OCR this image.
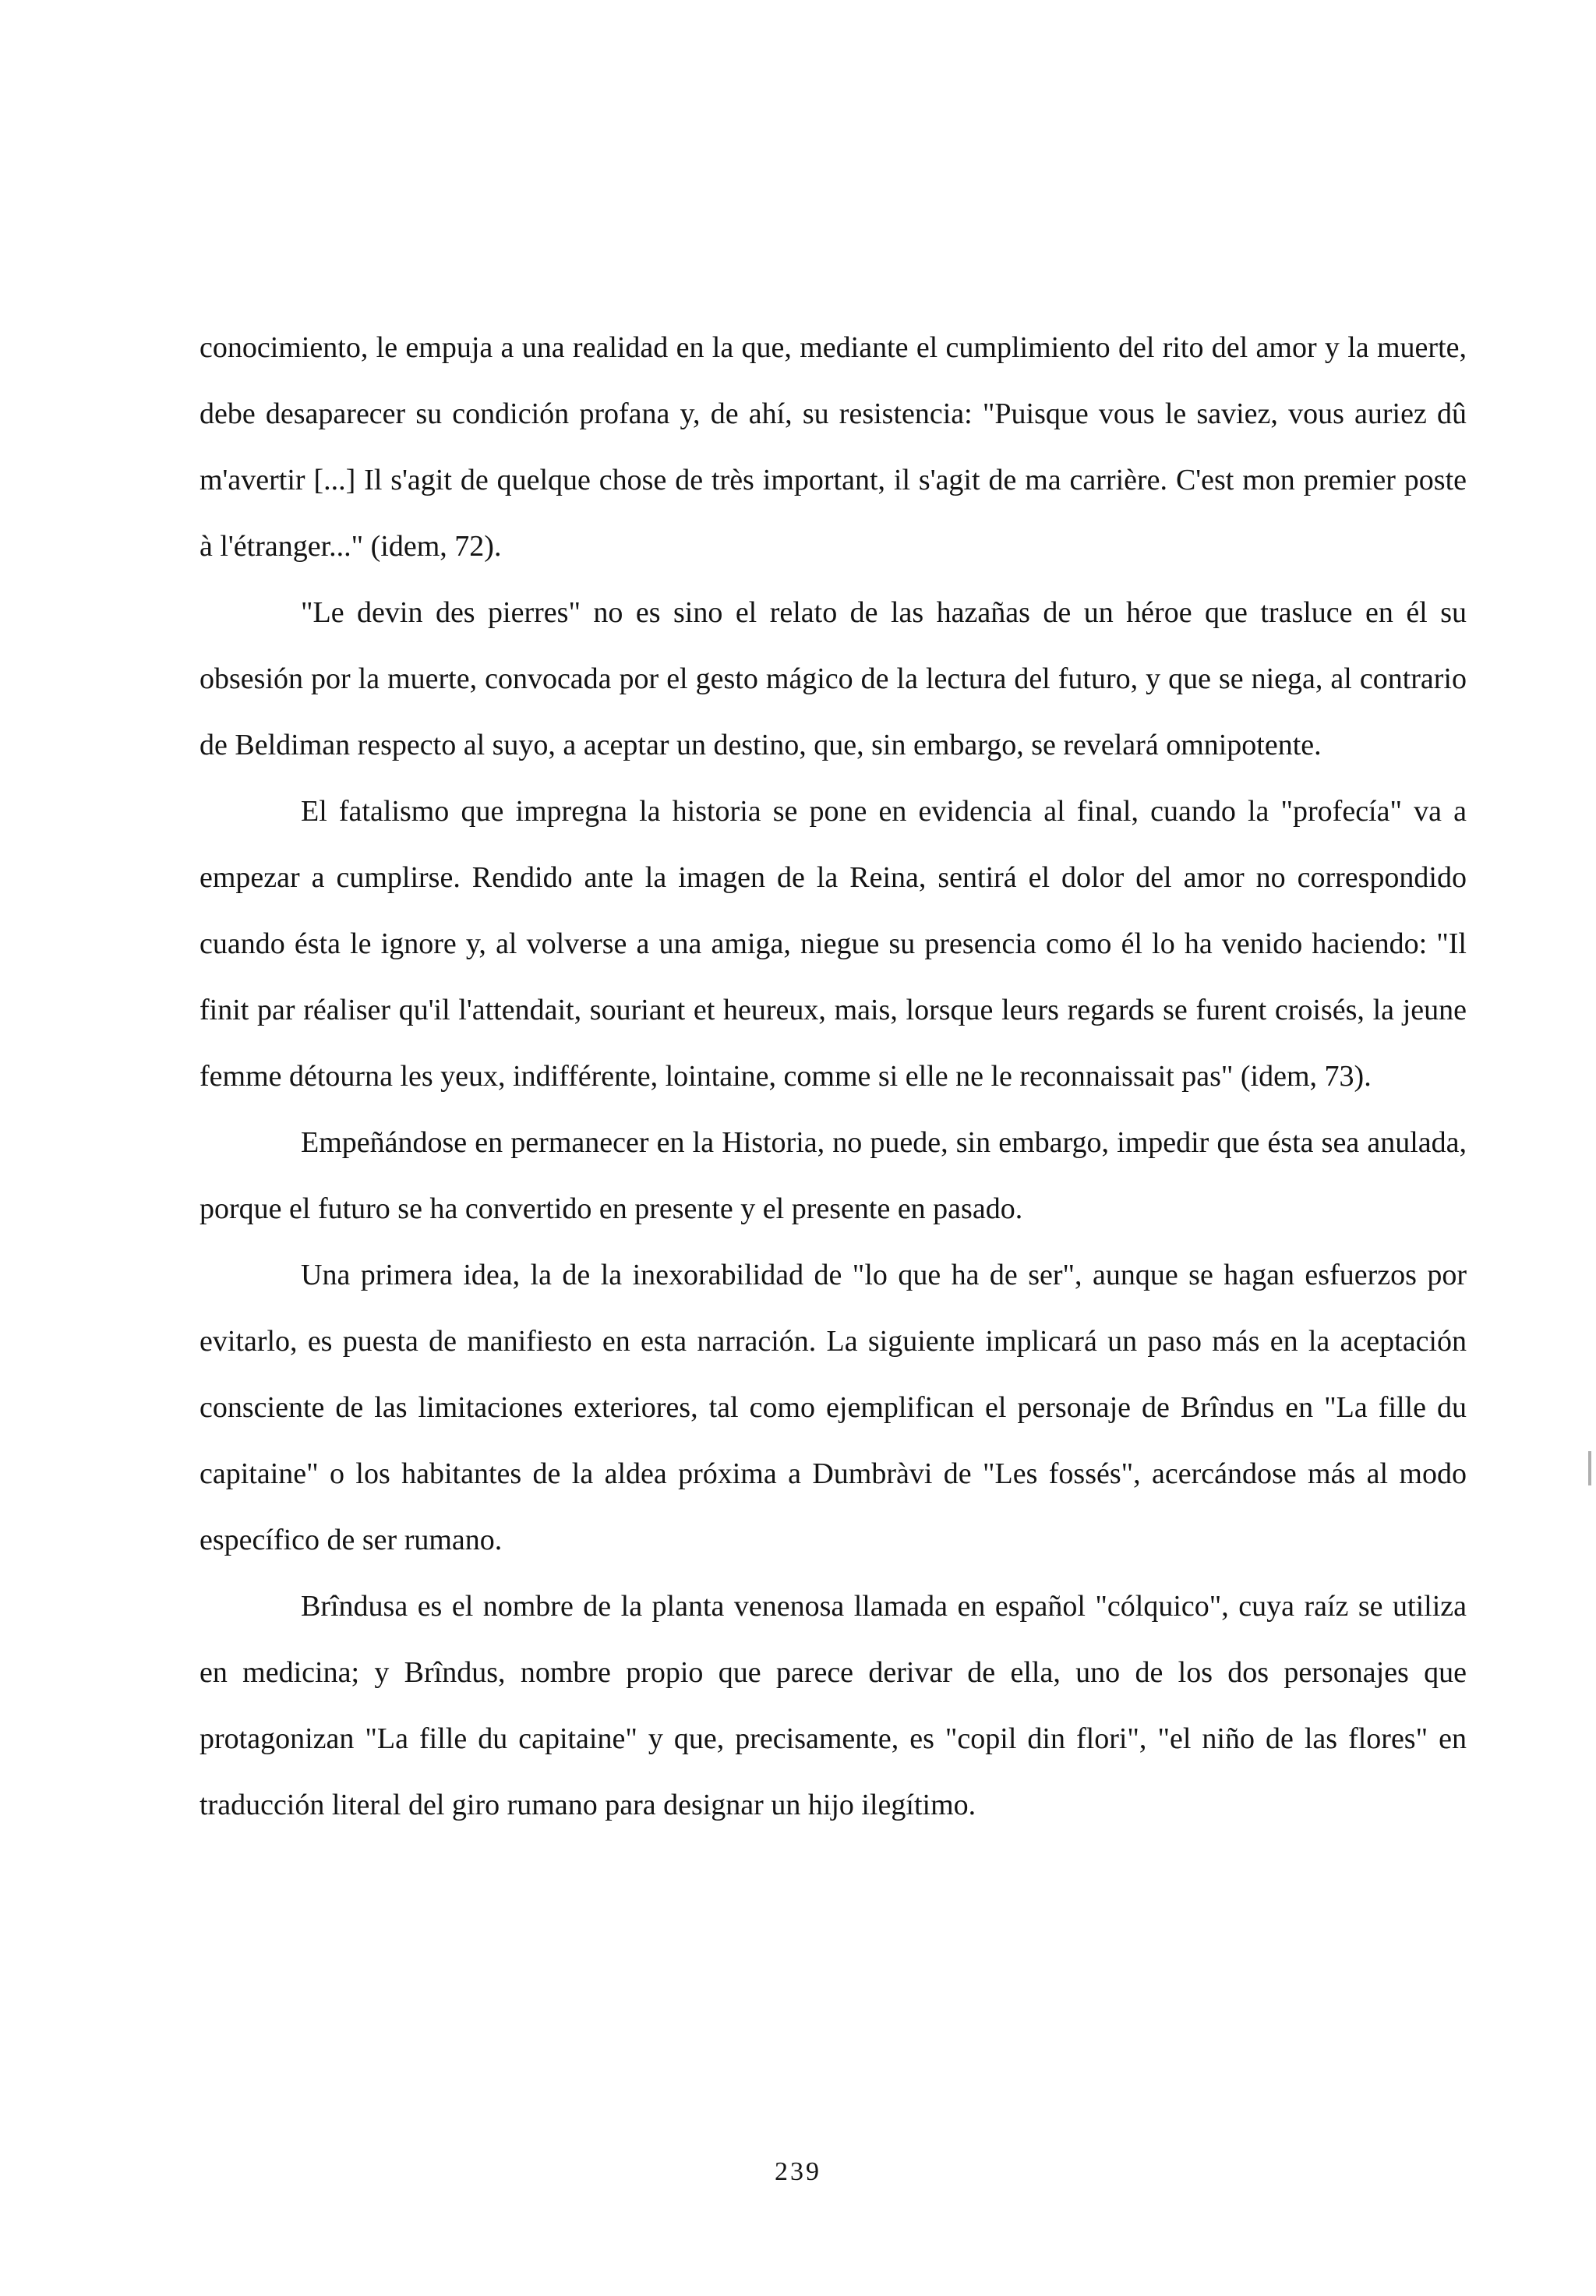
conocimiento, le empuja a una realidad en la que, mediante el cumplimiento del rito del amor y la muerte, debe desaparecer su condición profana y, de ahí, su resistencia: "Puisque vous le saviez, vous auriez dû m'avertir [...] Il s'agit de quelque chose de très important, il s'agit de ma carrière. C'est mon premier poste à l'étranger..." (idem, 72).

"Le devin des pierres" no es sino el relato de las hazañas de un héroe que trasluce en él su obsesión por la muerte, convocada por el gesto mágico de la lectura del futuro, y que se niega, al contrario de Beldiman respecto al suyo, a aceptar un destino, que, sin embargo, se revelará omnipotente.

El fatalismo que impregna la historia se pone en evidencia al final, cuando la "profecía" va a empezar a cumplirse. Rendido ante la imagen de la Reina, sentirá el dolor del amor no correspondido cuando ésta le ignore y, al volverse a una amiga, niegue su presencia como él lo ha venido haciendo: "Il finit par réaliser qu'il l'attendait, souriant et heureux, mais, lorsque leurs regards se furent croisés, la jeune femme détourna les yeux, indifférente, lointaine, comme si elle ne le reconnaissait pas" (idem, 73).

Empeñándose en permanecer en la Historia, no puede, sin embargo, impedir que ésta sea anulada, porque el futuro se ha convertido en presente y el presente en pasado.

Una primera idea, la de la inexorabilidad de "lo que ha de ser", aunque se hagan esfuerzos por evitarlo, es puesta de manifiesto en esta narración. La siguiente implicará un paso más en la aceptación consciente de las limitaciones exteriores, tal como ejemplifican el personaje de Brîndus en "La fille du capitaine" o los habitantes de la aldea próxima a Dumbràvi de "Les fossés", acercándose más al modo específico de ser rumano.

Brîndusa es el nombre de la planta venenosa llamada en español "cólquico", cuya raíz se utiliza en medicina; y Brîndus, nombre propio que parece derivar de ella, uno de los dos personajes que protagonizan "La fille du capitaine" y que, precisamente, es "copil din flori", "el niño de las flores" en traducción literal del giro rumano para designar un hijo ilegítimo.

239
